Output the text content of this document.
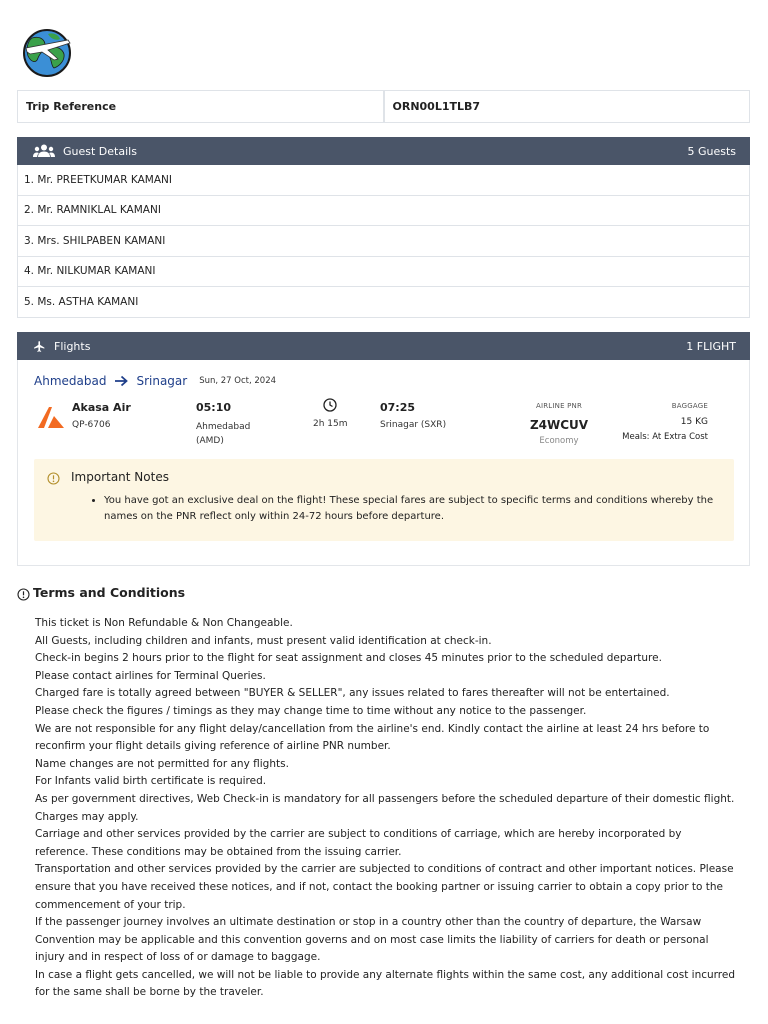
Trip Reference	ORN00L1TLB7
Guest Details	5 Guests
1. Mr. PREETKUMAR KAMANI
2. Mr. RAMNIKLAL KAMANI
3. Mrs. SHILPABEN KAMANI
4. Mr. NILKUMAR KAMANI
5. Ms. ASTHA KAMANI
Flights	1 FLIGHT
Ahmedabad	Srinagar Sun, 27 Oct, 2024
Akasa Air
QP-6706
05:10
Ahmedabad (AMD)
2h 15m
07:25
Srinagar (SXR)
AIRLINE PNR
Z4WCUV
Economy
BAGGAGE
15 KG
Meals: At Extra Cost
Important Notes
• You have got an exclusive deal on the flight! These special fares are subject to specific terms and conditions whereby the names on the PNR reflect only within 24-72 hours before departure.
Terms and Conditions
This ticket is Non Refundable & Non Changeable.
All Guests, including children and infants, must present valid identification at check-in.
Check-in begins 2 hours prior to the flight for seat assignment and closes 45 minutes prior to the scheduled departure.
Please contact airlines for Terminal Queries.
Charged fare is totally agreed between "BUYER & SELLER", any issues related to fares thereafter will not be entertained.
Please check the figures / timings as they may change time to time without any notice to the passenger.
We are not responsible for any flight delay/cancellation from the airline's end. Kindly contact the airline at least 24 hrs before to reconfirm your flight details giving reference of airline PNR number.
Name changes are not permitted for any flights.
For Infants valid birth certificate is required.
As per government directives, Web Check-in is mandatory for all passengers before the scheduled departure of their domestic flight. Charges may apply.
Carriage and other services provided by the carrier are subject to conditions of carriage, which are hereby incorporated by reference. These conditions may be obtained from the issuing carrier.
Transportation and other services provided by the carrier are subjected to conditions of contract and other important notices. Please ensure that you have received these notices, and if not, contact the booking partner or issuing carrier to obtain a copy prior to the commencement of your trip.
If the passenger journey involves an ultimate destination or stop in a country other than the country of departure, the Warsaw Convention may be applicable and this convention governs and on most case limits the liability of carriers for death or personal injury and in respect of loss of or damage to baggage.
In case a flight gets cancelled, we will not be liable to provide any alternate flights within the same cost, any additional cost incurred for the same shall be borne by the traveler.
